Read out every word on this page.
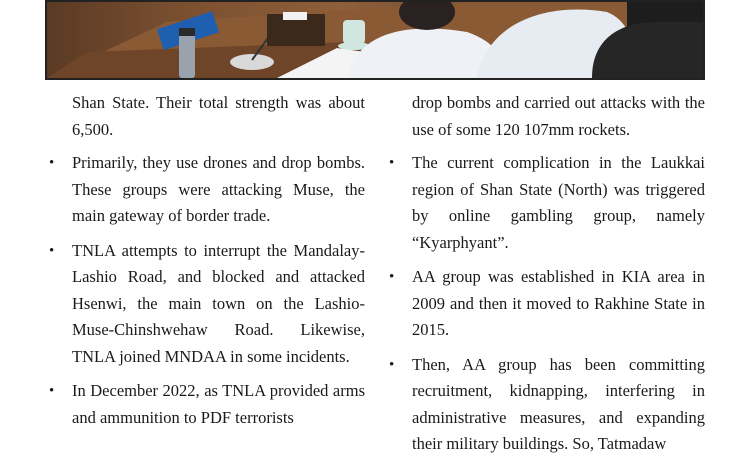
Shan State. Their total strength was about 6,500.

• Primarily, they use drones and drop bombs. These groups were attacking Muse, the main gateway of border trade.

• TNLA attempts to interrupt the Mandalay-Lashio Road, and blocked and attacked Hsenwi, the main town on the Lashio-Muse-Chinshwehaw Road. Likewise, TNLA joined MNDAA in some incidents.

• In December 2022, as TNLA provided arms and ammunition to PDF terrorists

drop bombs and carried out attacks with the use of some 120 107mm rockets.

• The current complication in the Laukkai region of Shan State (North) was triggered by online gambling group, namely “Kyarphyant”.

• AA group was established in KIA area in 2009 and then it moved to Rakhine State in 2015.

• Then, AA group has been committing recruitment, kidnapping, interfering in administrative measures, and expanding their military buildings. So, Tatmadaw
